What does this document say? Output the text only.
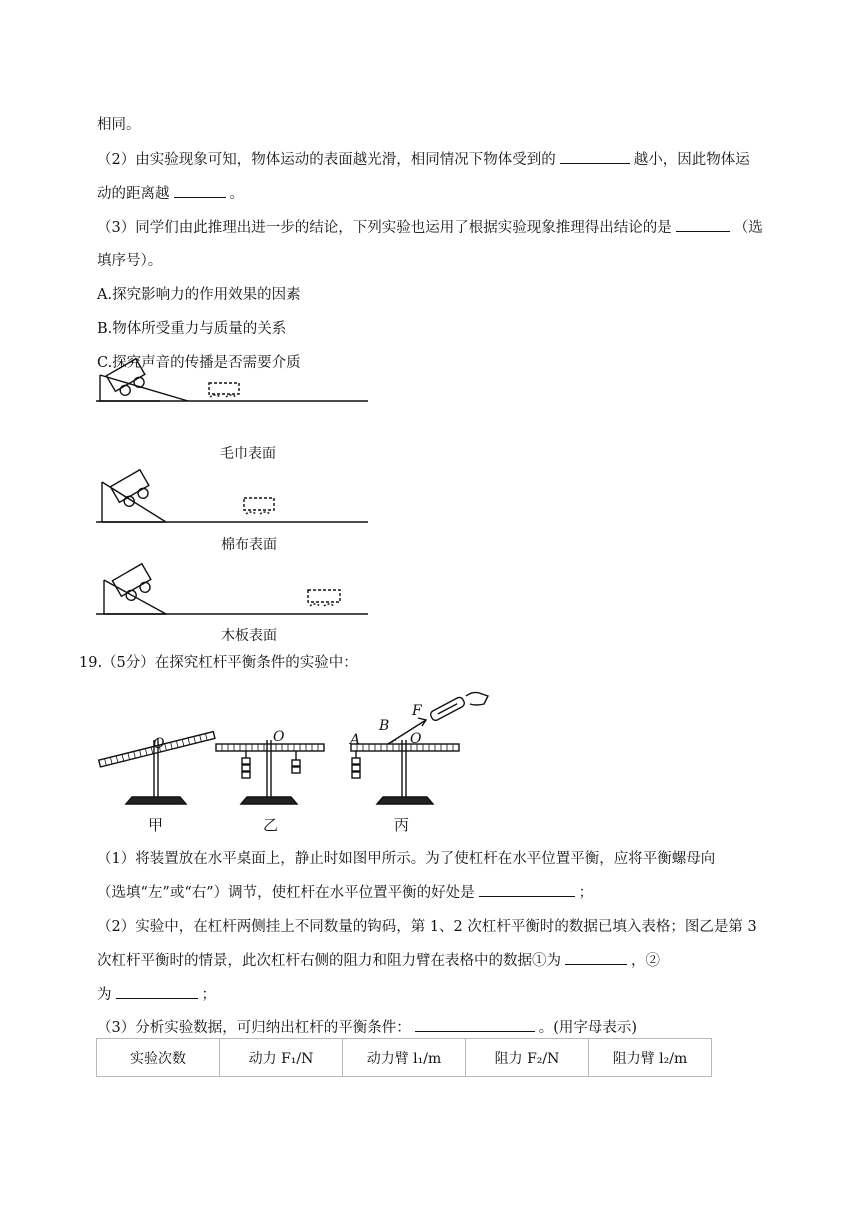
相同。
（2）由实验现象可知，物体运动的表面越光滑，相同情况下物体受到的	越小，因此物体运
动的距离越	。
（3）同学们由此推理出进一步的结论，下列实验也运用了根据实验现象推理得出结论的是	（选
填序号）。
A.探究影响力的作用效果的因素
B.物体所受重力与质量的关系
C.探究声音的传播是否需要介质
毛巾表面
棉布表面
木板表面
19.（5分）在探究杠杆平衡条件的实验中：
O	O	O
A
B
F
甲	乙	丙
（1）将装置放在水平桌面上，静止时如图甲所示。为了使杠杆在水平位置平衡，应将平衡螺母向
（选填“左”或“右”）调节，使杠杆在水平位置平衡的好处是	；
（2）实验中，在杠杆两侧挂上不同数量的钩码，第 1、2 次杠杆平衡时的数据已填入表格；图乙是第 3
次杠杆平衡时的情景，此次杠杆右侧的阻力和阻力臂在表格中的数据①为	，②
为	；
（3）分析实验数据，可归纳出杠杆的平衡条件：	。(用字母表示)
实验次数	动力 F₁/N	动力臂 l₁/m	阻力 F₂/N	阻力臂 l₂/m
